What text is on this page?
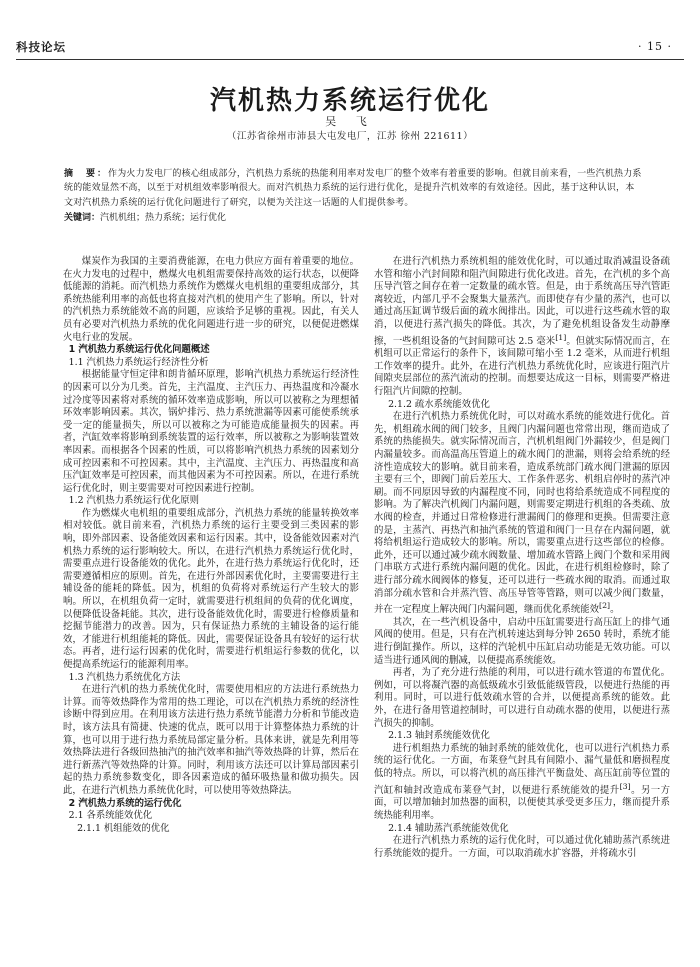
科技论坛	· 15 ·
汽机热力系统运行优化
吴 飞
（江苏省徐州市沛县大屯发电厂，江苏 徐州 221611）
摘　要：作为火力发电厂的核心组成部分，汽机热力系统的热能利用率对发电厂的整个效率有着重要的影响。但就目前来看，一些汽机热力系统的能效显然不高，以至于对机组效率影响很大。而对汽机热力系统的运行进行优化，是提升汽机效率的有效途径。因此，基于这种认识，本文对汽机热力系统的运行优化问题进行了研究，以便为关注这一话题的人们提供参考。
关键词：汽机机组；热力系统；运行优化

煤炭作为我国的主要消费能源，在电力供应方面有着重要的地位。在火力发电的过程中，燃煤火电机组需要保持高效的运行状态，以便降低能源的消耗。而汽机热力系统作为燃煤火电机组的重要组成部分，其系统热能利用率的高低也将直接对汽机的使用产生了影响。所以，针对的汽机热力系统能效不高的问题，应该给予足够的重视。因此，有关人员有必要对汽机热力系统的优化问题进行进一步的研究，以便促进燃煤火电行业的发展。

1 汽机热力系统运行优化问题概述

1.1 汽机热力系统运行经济性分析

根据能量守恒定律和朗肯循环原理，影响汽机热力系统运行经济性的因素可以分为几类。首先，主汽温度、主汽压力、再热温度和冷凝水过冷度等因素将对系统的循环效率造成影响，所以可以被称之为理想循环效率影响因素。其次，锅炉排污、热力系统泄漏等因素可能使系统承受一定的能量损失，所以可以被称之为可能造成能量损失的因素。再者，汽缸效率将影响到系统装置的运行效率，所以被称之为影响装置效率因素。而根据各个因素的性质，可以将影响汽机热力系统的因素划分成可控因素和不可控因素。其中，主汽温度、主汽压力、再热温度和高压汽缸效率是可控因素，而其他因素为不可控因素。所以，在进行系统运行优化时，则主要需要对可控因素进行控制。

1.2 汽机热力系统运行优化原则

作为燃煤火电机组的重要组成部分，汽机热力系统的能量转换效率相对较低。就目前来看，汽机热力系统的运行主要受到三类因素的影响，即外部因素、设备能效因素和运行因素。其中，设备能效因素对汽机热力系统的运行影响较大。所以，在进行汽机热力系统运行优化时，需要重点进行设备能效的优化。此外，在进行热力系统运行优化时，还需要遵循相应的原则。首先，在进行外部因素优化时，主要需要进行主辅设备的能耗的降低。因为，机组的负荷将对系统运行产生较大的影响。所以，在机组负荷一定时，就需要进行机组间的负荷的优化调度，以便降低设备耗能。其次，进行设备能效优化时，需要进行检修质量和挖掘节能潜力的改善。因为，只有保证热力系统的主辅设备的运行能效，才能进行机组能耗的降低。因此，需要保证设备具有较好的运行状态。再者，进行运行因素的优化时，需要进行机组运行参数的优化，以便提高系统运行的能源利用率。

1.3 汽机热力系统优化方法

在进行汽机的热力系统优化时，需要使用相应的方法进行系统热力计算。而等效热降作为常用的热工理论，可以在汽机热力系统的经济性诊断中得到应用。在利用该方法进行热力系统节能潜力分析和节能改造时，该方法具有简捷、快速的优点，既可以用于计算整体热力系统的计算，也可以用于进行热力系统局部定量分析。具体来讲，就是先利用等效热降法进行各级回热抽汽的抽汽效率和抽汽等效热降的计算，然后在进行新蒸汽等效热降的计算。同时，利用该方法还可以计算局部因素引起的热力系统参数变化，即各因素造成的循环吸热量和做功损失。因此，在进行汽机热力系统优化时，可以使用等效热降法。

2 汽机热力系统的运行优化

2.1 各系统能效优化

2.1.1 机组能效的优化

在进行汽机热力系统机组的能效优化时，可以通过取消减温设备疏水管和缩小汽封间隙和阻汽间隙进行优化改进。首先，在汽机的多个高压导汽管之间存在着一定数量的疏水管。但是，由于系统高压导汽管距离较近，内部几乎不会聚集大量蒸汽。而即使存有少量的蒸汽，也可以通过高压缸调节级后面的疏水阀排出。因此，可以进行这些疏水管的取消，以便进行蒸汽损失的降低。其次，为了避免机组设备发生动静摩擦，一些机组设备的气封间隙可达 2.5 毫米[1]。但就实际情况而言，在机组可以正常运行的条件下，该间隙可缩小至 1.2 毫米，从而进行机组工作效率的提升。此外，在进行汽机热力系统优化时，应该进行阻汽片间隙夹层部位的蒸汽流动的控制。而想要达成这一目标，则需要严格进行阻汽片间隙的控制。

2.1.2 疏水系统能效优化

在进行汽机热力系统优化时，可以对疏水系统的能效进行优化。首先，机组疏水阀的阀门较多，且阀门内漏问题也常常出现，继而造成了系统的热能损失。就实际情况而言，汽机机组阀门外漏较少，但是阀门内漏量较多。而高温高压管道上的疏水阀门的泄漏，则将会给系统的经济性造成较大的影响。就目前来看，造成系统部门疏水阀门泄漏的原因主要有三个，即阀门前后差压大、工作条件恶劣、机组启停时的蒸汽冲刷。而不同原因导致的内漏程度不同，同时也将给系统造成不同程度的影响。为了解决汽机阀门内漏问题，则需要定期进行机组的各类疏、放水阀的检查，并通过日常检修进行泄漏阀门的修理和更换。但需要注意的是，主蒸汽、再热汽和抽汽系统的管道和阀门一旦存在内漏问题，就将给机组运行造成较大的影响。所以，需要重点进行这些部位的检修。此外，还可以通过减少疏水阀数量、增加疏水管路上阀门个数和采用阀门串联方式进行系统内漏问题的优化。因此，在进行机组检修时，除了进行部分疏水阀阀体的修复，还可以进行一些疏水阀的取消。而通过取消部分疏水管和合并蒸汽管、高压导管等管路，则可以减少阀门数量，并在一定程度上解决阀门内漏问题，继而优化系统能效[2]。

其次，在一些汽机设备中，启动中压缸需要进行高压缸上的排气通风阀的使用。但是，只有在汽机转速达到每分钟 2650 转时，系统才能进行倒缸操作。所以，这样的汽轮机中压缸启动功能是无效功能。可以适当进行通风阀的删减，以便提高系统能效。

再者，为了充分进行热能的利用，可以进行疏水管道的布置优化。例如，可以将凝汽器的高低级疏水引致低能级管段，以便进行热能的再利用。同时，可以进行低效疏水管的合并，以便提高系统的能效。此外，在进行备用管道控制时，可以进行自动疏水器的使用，以便进行蒸汽损失的抑制。

2.1.3 轴封系统能效优化

进行机组热力系统的轴封系统的能效优化，也可以进行汽机热力系统的运行优化。一方面，布莱登气封具有间隙小、漏气量低和磨损程度低的特点。所以，可以将汽机的高压排汽平衡盘处、高压缸前等位置的汽缸和轴封改造成布莱登气封，以便进行系统能效的提升[3]。另一方面，可以增加轴封加热器的面积，以便使其承受更多压力，继而提升系统热能利用率。

2.1.4 辅助蒸汽系统能效优化

在进行汽机热力系统的运行优化时，可以通过优化辅助蒸汽系统进行系统能效的提升。一方面，可以取消疏水扩容器，并将疏水引
